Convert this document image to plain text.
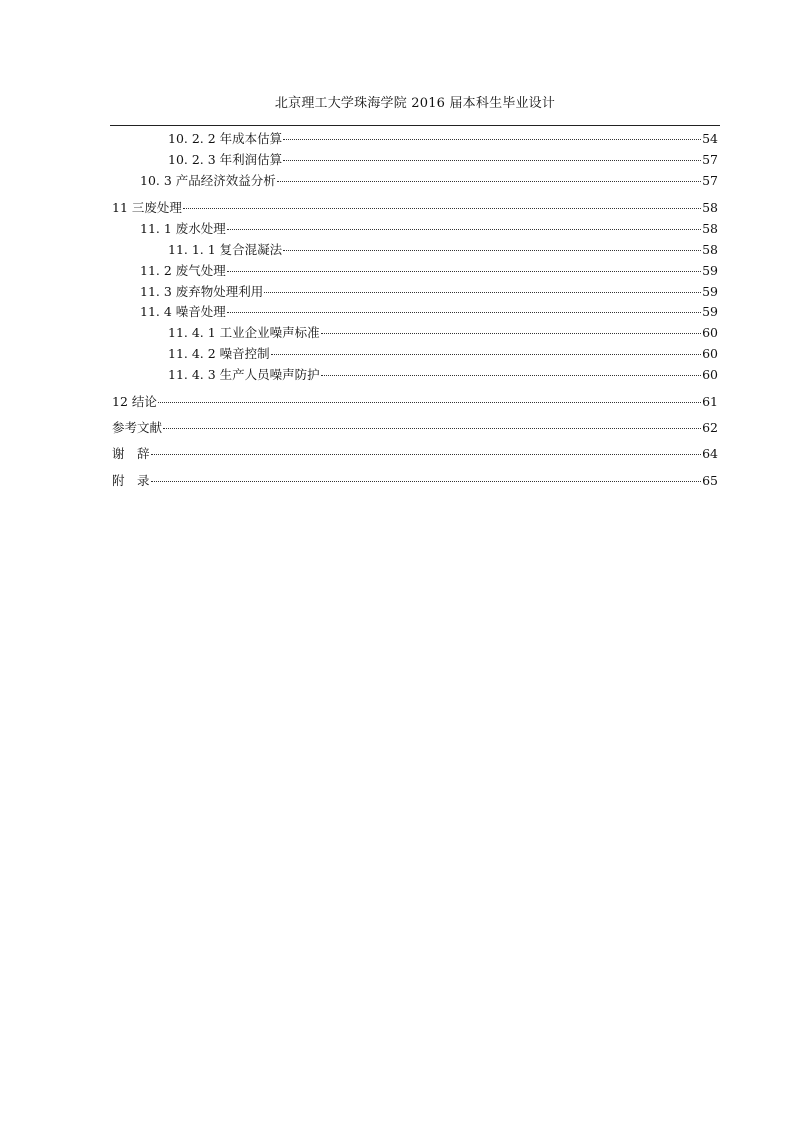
北京理工大学珠海学院 2016 届本科生毕业设计
10. 2. 2 年成本估算	54
10. 2. 3 年利润估算	57
10. 3 产品经济效益分析	57
11 三废处理	58
11. 1 废水处理	58
11. 1. 1 复合混凝法	58
11. 2 废气处理	59
11. 3 废弃物处理利用	59
11. 4 噪音处理	59
11. 4. 1 工业企业噪声标准	60
11. 4. 2 噪音控制	60
11. 4. 3 生产人员噪声防护	60
12 结论	61
参考文献	62
谢　辞	64
附　录	65
